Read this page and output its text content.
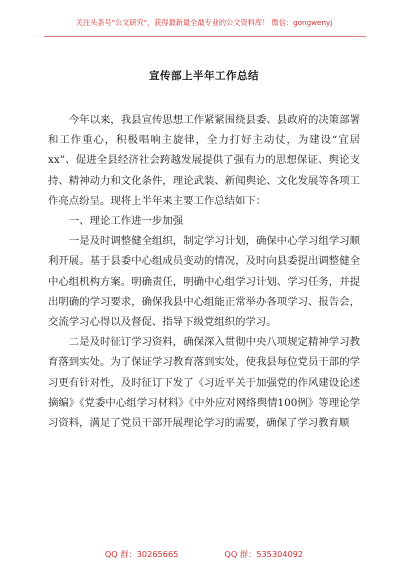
关注头条号"公文研究"，获得最新最全最专业的公文资料库！ 微信：gongwenyj
宣传部上半年工作总结

今年以来，我县宣传思想工作紧紧围绕县委、县政府的决策部署和工作重心，积极唱响主旋律，全力打好主动仗，为建设“宜居xx”、促进全县经济社会跨越发展提供了强有力的思想保证、舆论支持、精神动力和文化条件，理论武装、新闻舆论、文化发展等各项工作亮点纷呈。现将上半年来主要工作总结如下：

一、理论工作进一步加强

一是及时调整健全组织，制定学习计划，确保中心学习组学习顺利开展。基于县委中心组成员变动的情况，及时向县委提出调整健全中心组机构方案。明确责任，明确中心组学习计划、学习任务，并提出明确的学习要求，确保我县中心组能正常举办各项学习、报告会，交流学习心得以及督促、指导下级党组织的学习。

二是及时征订学习资料，确保深入贯彻中央八项规定精神学习教育落到实处。为了保证学习教育落到实处，使我县每位党员干部的学习更有针对性，及时征订下发了《习近平关于加强党的作风建设论述摘编》《党委中心组学习材料》《中外应对网络舆情100例》等理论学习资料，满足了党员干部开展理论学习的需要，确保了学习教育顺

QQ 群：30265665	QQ 群：535304092
